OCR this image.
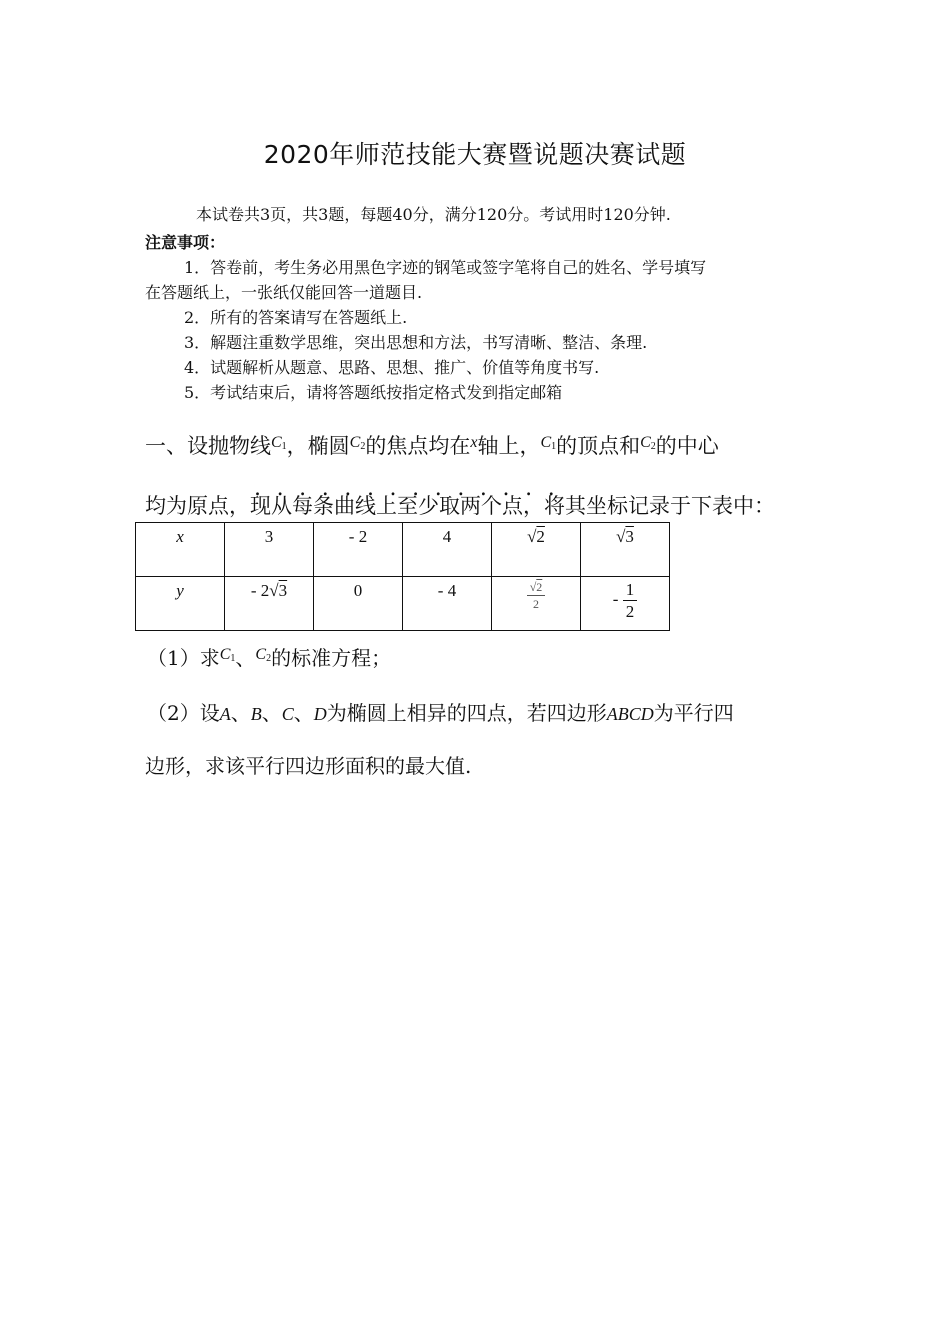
2020年师范技能大赛暨说题决赛试题
本试卷共3页，共3题，每题40分，满分120分。考试用时120分钟.
注意事项：
1．答卷前，考生务必用黑色字迹的钢笔或签字笔将自己的姓名、学号填写
在答题纸上，一张纸仅能回答一道题目.
2．所有的答案请写在答题纸上.
3．解题注重数学思维，突出思想和方法，书写清晰、整洁、条理.
4．试题解析从题意、思路、思想、推广、价值等角度书写.
5．考试结束后，请将答题纸按指定格式发到指定邮箱
一、设抛物线$^{C_1}$，椭圆$^{C_2}$的焦点均在$^x$轴上，$^{C_1}$的顶点和$^{C_2}$的中心
..............
均为原点，现从每条曲线上至少取两个点，将其坐标记录于下表中：
x	3	- 2	4	√2	√3
y	- 2√3	0	- 4	$\frac{√2}{2}$	- $\frac{1}{2}$
（1）求$^{C_1}$、$^{C_2}$的标准方程；
（2）设A、B、C、D为椭圆上相异的四点，若四边形ABCD为平行四
边形，求该平行四边形面积的最大值.
